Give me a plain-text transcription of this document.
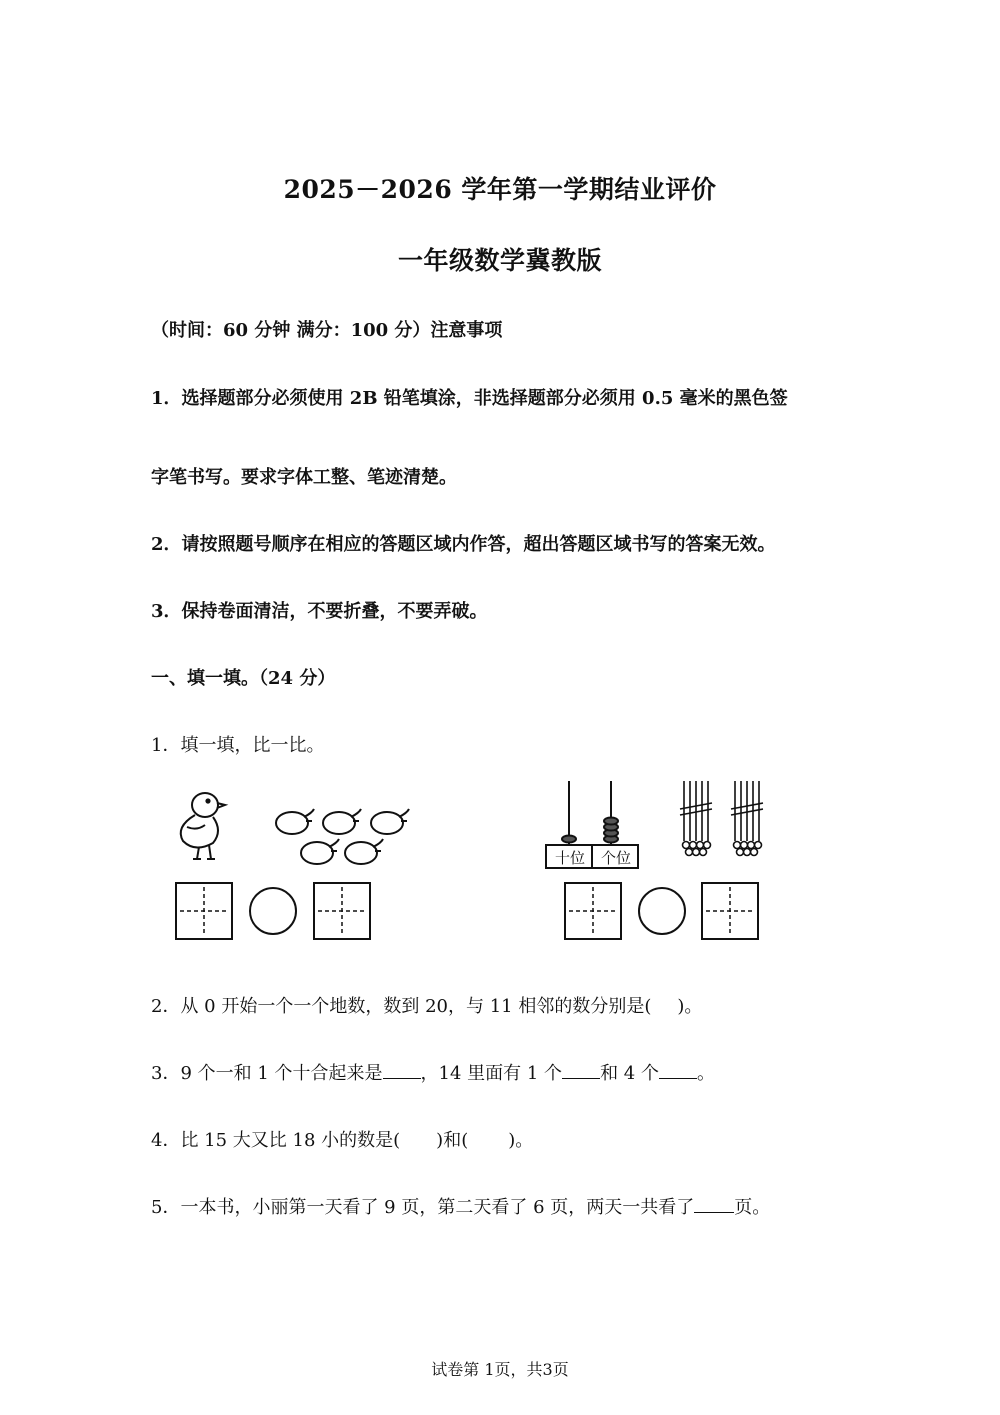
2025－2026 学年第一学期结业评价
一年级数学冀教版
（时间：60 分钟 满分：100 分）注意事项
1．选择题部分必须使用 2B 铅笔填涂，非选择题部分必须用 0.5 毫米的黑色签
字笔书写。要求字体工整、笔迹清楚。
2．请按照题号顺序在相应的答题区域内作答，超出答题区域书写的答案无效。
3．保持卷面清洁，不要折叠，不要弄破。
一、填一填。（24 分）
1．填一填，比一比。
十位	个位
2．从 0 开始一个一个地数，数到 20，与 11 相邻的数分别是( )。
3．9 个一和 1 个十合起来是 ，14 里面有 1 个 和 4 个 。
4．比 15 大又比 18 小的数是( )和( )。
5．一本书，小丽第一天看了 9 页，第二天看了 6 页，两天一共看了 页。
试卷第 1页，共3页
